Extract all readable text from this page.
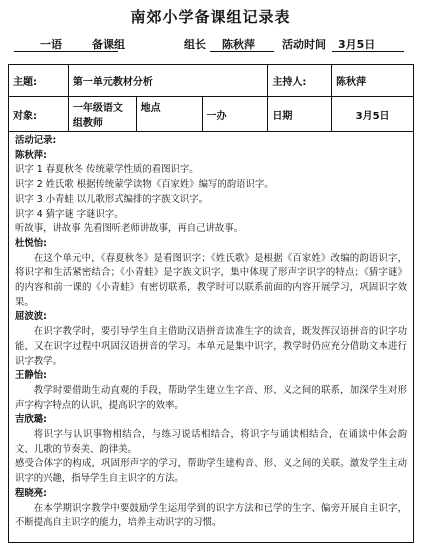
南郊小学备课组记录表
一语	备课组	组长 陈秋萍 活动时间 3月5日
主题:	第一单元教材分析			主持人:	陈秋萍
对象:	一年级语文组教师	地点	一办	日期	3月5日

活动记录:

陈秋萍:

识字 1 春夏秋冬 传统蒙学性质的看图识字。

识字 2 姓氏歌 根据传统蒙学读物《百家姓》编写的韵语识字。

识字 3 小青蛙 以儿歌形式编排的字族文识字。

识字 4 猜字谜 字谜识字。

听故事，讲故事 先看图听老师讲故事，再自己讲故事。

杜悦怡:

在这个单元中，《春夏秋冬》是看图识字；《姓氏歌》是根据《百家姓》改编的韵语识字，将识字和生活紧密结合；《小青蛙》是字族文识字，集中体现了形声字识字的特点；《猜字谜》的内容和前一课的《小青蛙》有密切联系，教学时可以联系前面的内容开展学习，巩固识字效果。

屈波波:

在识字教学时，要引导学生自主借助汉语拼音读准生字的读音，既发挥汉语拼音的识字功能，又在识字过程中巩固汉语拼音的学习。本单元是集中识字，教学时仍应充分借助文本进行识字教学。

王静怡:

教学时要借助生动直观的手段，帮助学生建立生字音、形、义之间的联系，加深学生对形声字构字特点的认识，提高识字的效率。

吉欣璐:

将识字与认识事物相结合，与练习说话相结合，将识字与诵读相结合，在诵读中体会韵文、儿歌的节奏美、韵律美。

感受合体字的构成，巩固形声字的学习，帮助学生建构音、形、义之间的关联。激发学生主动识字的兴趣，指导学生自主识字的方法。

程晓亮:

在本学期识字教学中要鼓励学生运用学到的识字方法和已学的生字、偏旁开展自主识字，不断提高自主识字的能力，培养主动识字的习惯。
